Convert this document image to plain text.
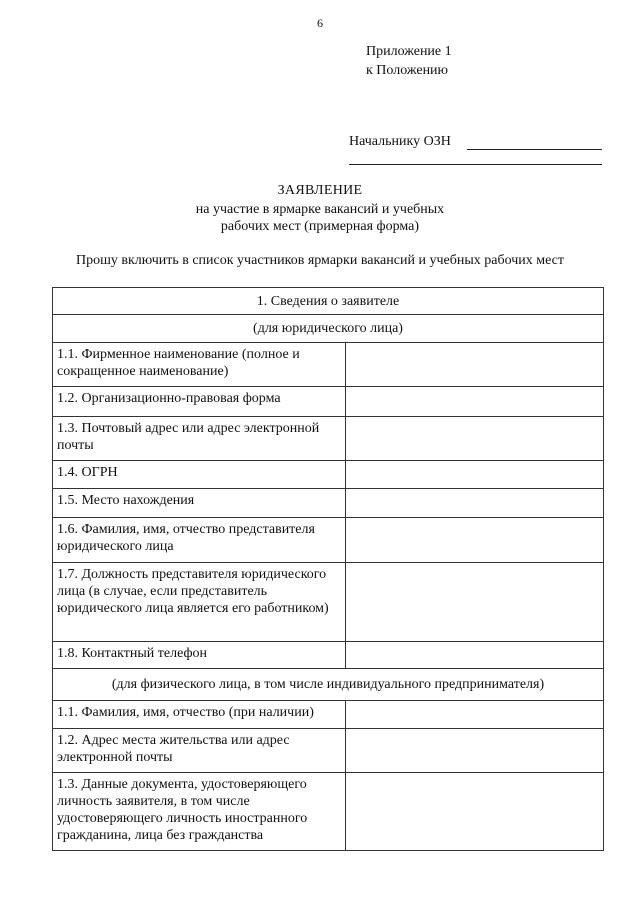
6
Приложение 1
к Положению
Начальнику ОЗН
ЗАЯВЛЕНИЕ
на участие в ярмарке вакансий и учебных
рабочих мест (примерная форма)
Прошу включить в список участников ярмарки вакансий и учебных рабочих мест
1. Сведения о заявителе	
(для юридического лица)	
1.1. Фирменное наименование (полное и сокращенное наименование)	
1.2. Организационно-правовая форма	
1.3. Почтовый адрес или адрес электронной почты	
1.4. ОГРН	
1.5. Место нахождения	
1.6. Фамилия, имя, отчество представителя юридического лица	
1.7. Должность представителя юридического лица (в случае, если представитель юридического лица является его работником)	
1.8. Контактный телефон	
(для физического лица, в том числе индивидуального предпринимателя)	
1.1. Фамилия, имя, отчество (при наличии)	
1.2. Адрес места жительства или адрес электронной почты	
1.3. Данные документа, удостоверяющего личность заявителя, в том числе удостоверяющего личность иностранного гражданина, лица без гражданства	
